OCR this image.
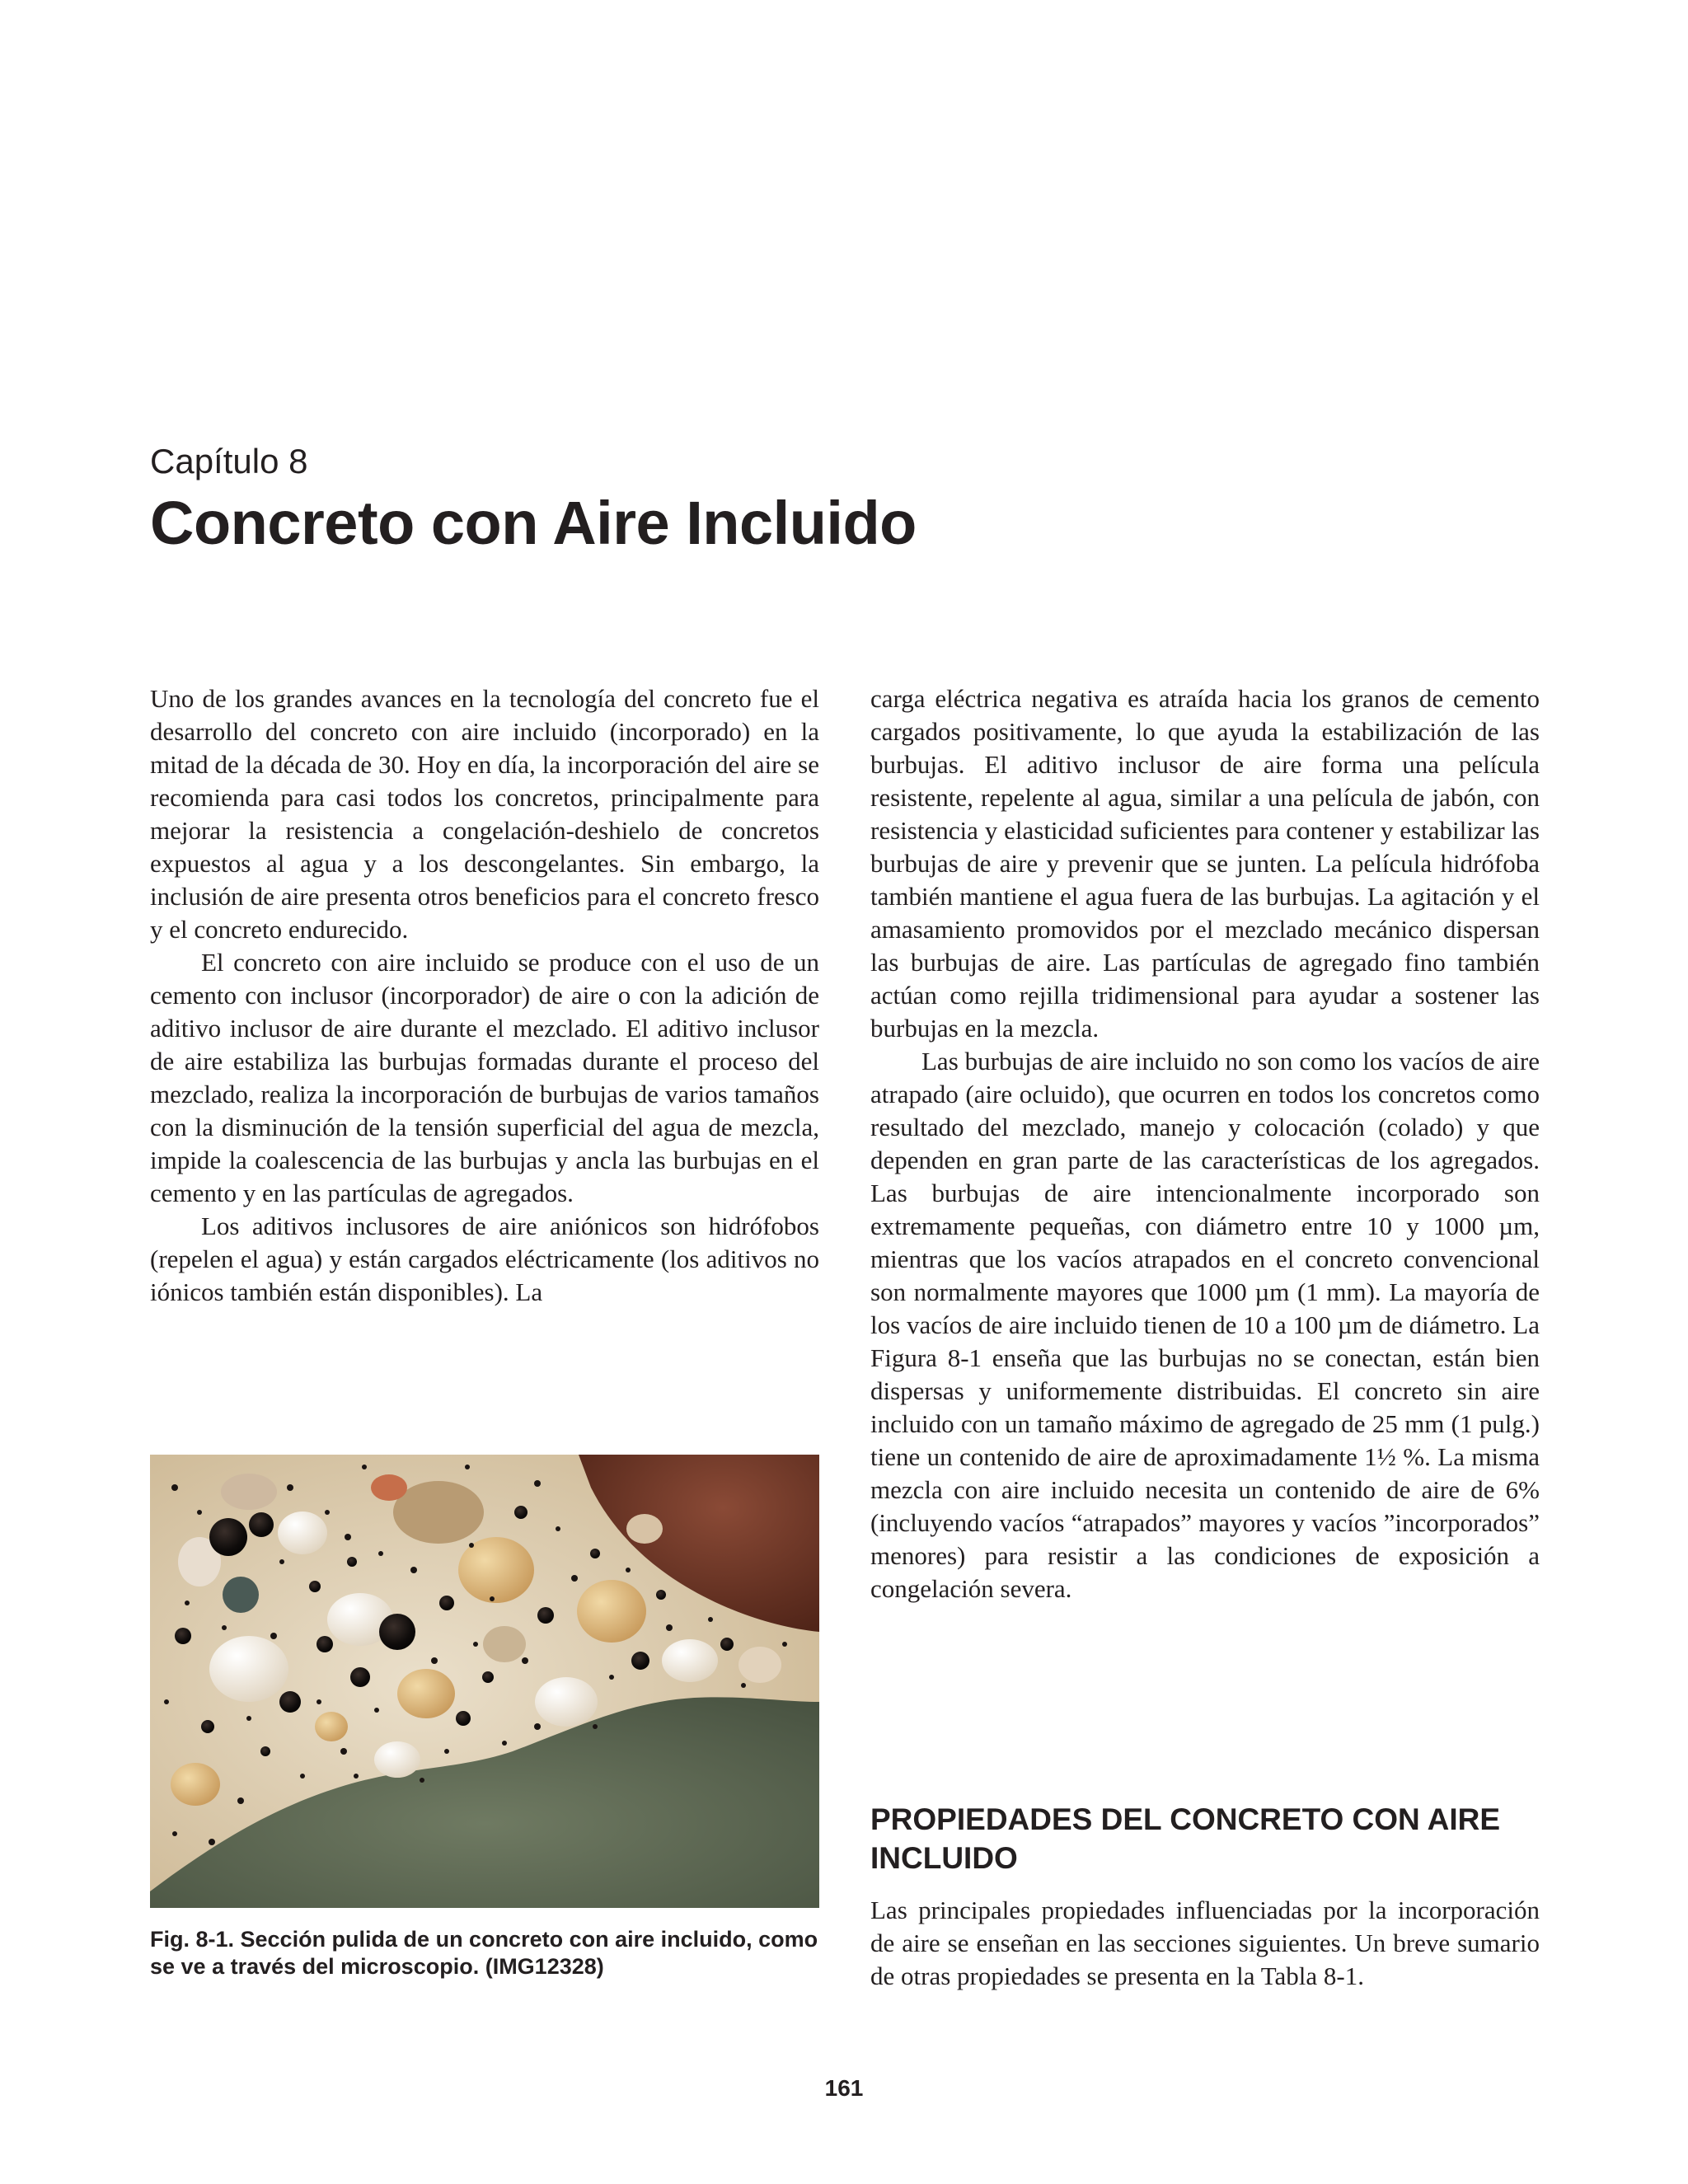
Capítulo 8
Concreto con Aire Incluido

Uno de los grandes avances en la tecnología del concreto fue el desarrollo del concreto con aire incluido (incorporado) en la mitad de la década de 30. Hoy en día, la incorporación del aire se recomienda para casi todos los concretos, principalmente para mejorar la resistencia a congelación-deshielo de concretos expuestos al agua y a los descongelantes. Sin embargo, la inclusión de aire presenta otros beneficios para el concreto fresco y el concreto endurecido.

El concreto con aire incluido se produce con el uso de un cemento con inclusor (incorporador) de aire o con la adición de aditivo inclusor de aire durante el mezclado. El aditivo inclusor de aire estabiliza las burbujas formadas durante el proceso del mezclado, realiza la incorporación de burbujas de varios tamaños con la disminución de la tensión superficial del agua de mezcla, impide la coalescencia de las burbujas y ancla las burbujas en el cemento y en las partículas de agregados.

Los aditivos inclusores de aire aniónicos son hidrófobos (repelen el agua) y están cargados eléctricamente (los aditivos no iónicos también están disponibles). La

Fig. 8-1. Sección pulida de un concreto con aire incluido, como se ve a través del microscopio. (IMG12328)

carga eléctrica negativa es atraída hacia los granos de cemento cargados positivamente, lo que ayuda la estabilización de las burbujas. El aditivo inclusor de aire forma una película resistente, repelente al agua, similar a una película de jabón, con resistencia y elasticidad suficientes para contener y estabilizar las burbujas de aire y prevenir que se junten. La película hidrófoba también mantiene el agua fuera de las burbujas. La agitación y el amasamiento promovidos por el mezclado mecánico dispersan las burbujas de aire. Las partículas de agregado fino también actúan como rejilla tridimensional para ayudar a sostener las burbujas en la mezcla.

Las burbujas de aire incluido no son como los vacíos de aire atrapado (aire ocluido), que ocurren en todos los concretos como resultado del mezclado, manejo y colocación (colado) y que dependen en gran parte de las características de los agregados. Las burbujas de aire intencionalmente incorporado son extremamente pequeñas, con diámetro entre 10 y 1000 µm, mientras que los vacíos atrapados en el concreto convencional son normalmente mayores que 1000 µm (1 mm). La mayoría de los vacíos de aire incluido tienen de 10 a 100 µm de diámetro. La Figura 8-1 enseña que las burbujas no se conectan, están bien dispersas y uniformemente distribuidas. El concreto sin aire incluido con un tamaño máximo de agregado de 25 mm (1 pulg.) tiene un contenido de aire de aproximadamente 1½ %. La misma mezcla con aire incluido necesita un contenido de aire de 6% (incluyendo vacíos “atrapados” mayores y vacíos ”incorporados” menores) para resistir a las condiciones de exposición a congelación severa.

PROPIEDADES DEL CONCRETO CON AIRE INCLUIDO

Las principales propiedades influenciadas por la incorporación de aire se enseñan en las secciones siguientes. Un breve sumario de otras propiedades se presenta en la Tabla 8-1.

161
